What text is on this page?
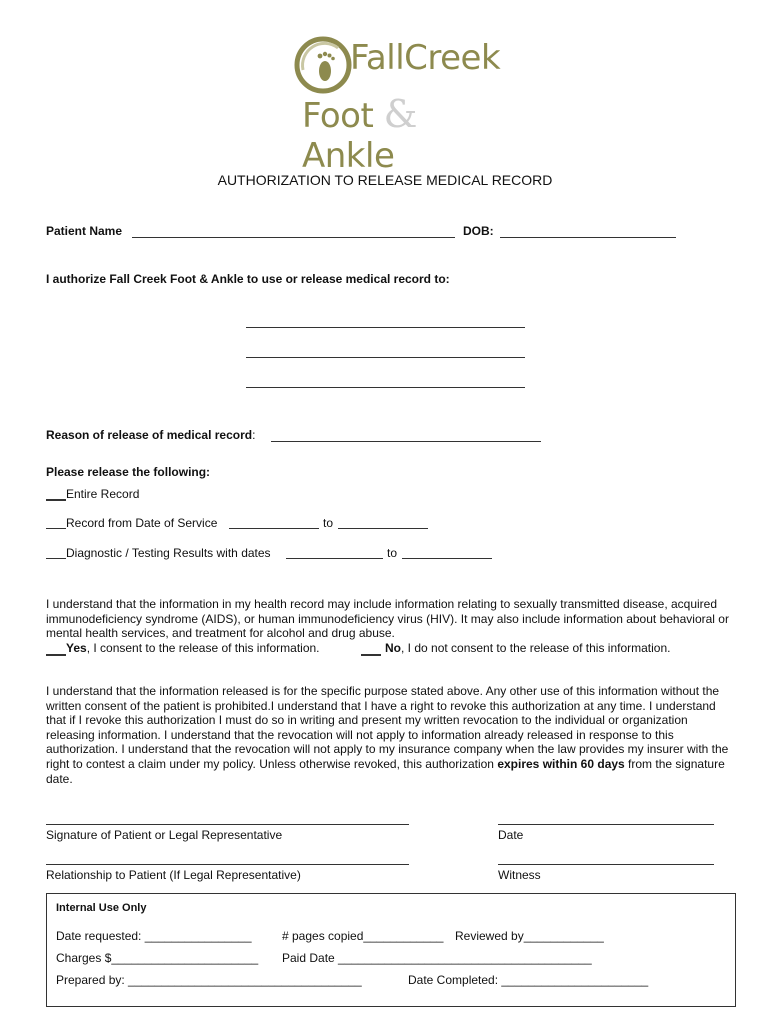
FallCreek
Foot & Ankle
AUTHORIZATION TO RELEASE MEDICAL RECORD
Patient Name	DOB:
I authorize Fall Creek Foot & Ankle to use or release medical record to:
Reason of release of medical record:
Please release the following:
Entire Record
Record from Date of Service	to
Diagnostic / Testing Results with dates	to
I understand that the information in my health record may include information relating to sexually transmitted disease, acquired immunodeficiency syndrome (AIDS), or human immunodeficiency virus (HIV). It may also include information about behavioral or mental health services, and treatment for alcohol and drug abuse.
Yes, I consent to the release of this information.	No, I do not consent to the release of this information.
I understand that the information released is for the specific purpose stated above. Any other use of this information without the written consent of the patient is prohibited.I understand that I have a right to revoke this authorization at any time. I understand that if I revoke this authorization I must do so in writing and present my written revocation to the individual or organization releasing information. I understand that the revocation will not apply to information already released in response to this authorization. I understand that the revocation will not apply to my insurance company when the law provides my insurer with the right to contest a claim under my policy. Unless otherwise revoked, this authorization expires within 60 days from the signature date.
Signature of Patient or Legal Representative	Date
Relationship to Patient (If Legal Representative)	Witness
Internal Use Only
Date requested: ________________	# pages copied____________ Reviewed by____________
Charges $______________________ Paid Date ______________________________________
Prepared by: ___________________________________	Date Completed: ______________________
